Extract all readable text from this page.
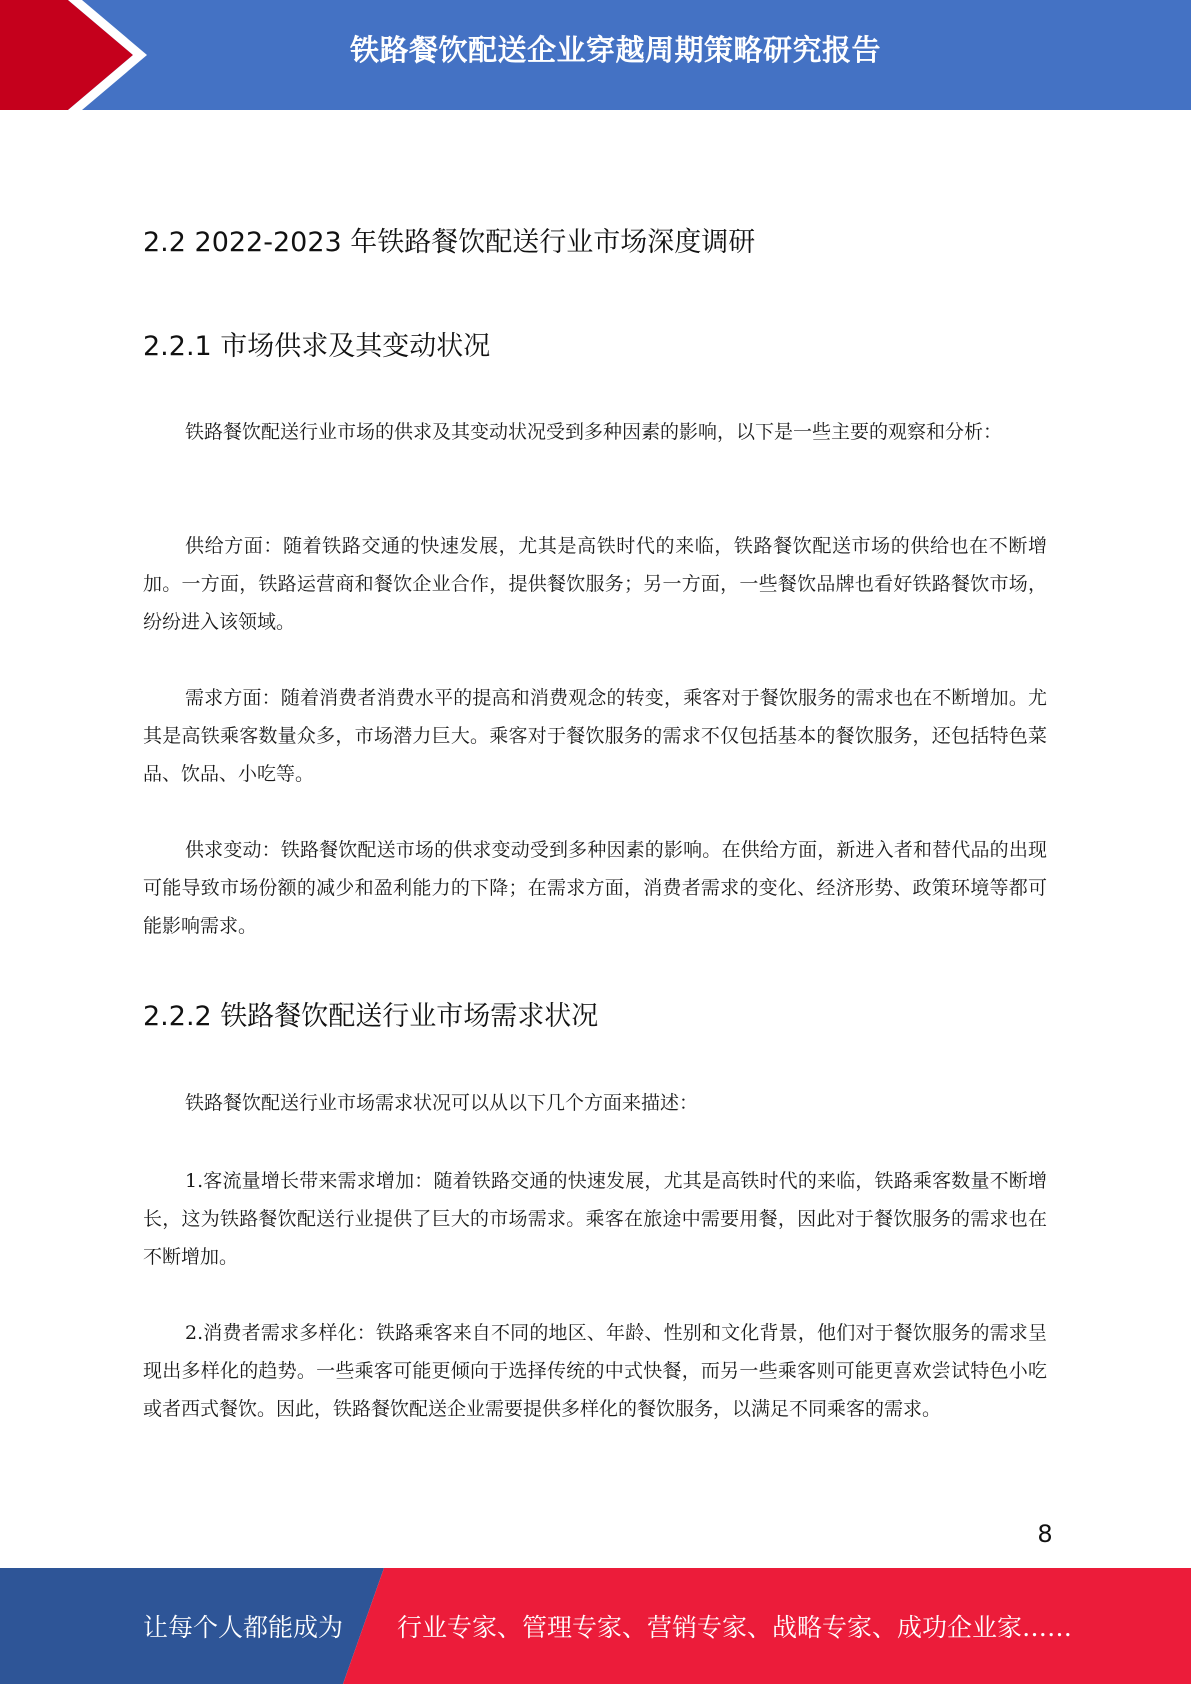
铁路餐饮配送企业穿越周期策略研究报告
2.2 2022-2023 年铁路餐饮配送行业市场深度调研
2.2.1 市场供求及其变动状况
铁路餐饮配送行业市场的供求及其变动状况受到多种因素的影响，以下是一些主要的观察和分析：
供给方面：随着铁路交通的快速发展，尤其是高铁时代的来临，铁路餐饮配送市场的供给也在不断增加。一方面，铁路运营商和餐饮企业合作，提供餐饮服务；另一方面，一些餐饮品牌也看好铁路餐饮市场，纷纷进入该领域。
需求方面：随着消费者消费水平的提高和消费观念的转变，乘客对于餐饮服务的需求也在不断增加。尤其是高铁乘客数量众多，市场潜力巨大。乘客对于餐饮服务的需求不仅包括基本的餐饮服务，还包括特色菜品、饮品、小吃等。
供求变动：铁路餐饮配送市场的供求变动受到多种因素的影响。在供给方面，新进入者和替代品的出现可能导致市场份额的减少和盈利能力的下降；在需求方面，消费者需求的变化、经济形势、政策环境等都可能影响需求。
2.2.2 铁路餐饮配送行业市场需求状况
铁路餐饮配送行业市场需求状况可以从以下几个方面来描述：
1.客流量增长带来需求增加：随着铁路交通的快速发展，尤其是高铁时代的来临，铁路乘客数量不断增长，这为铁路餐饮配送行业提供了巨大的市场需求。乘客在旅途中需要用餐，因此对于餐饮服务的需求也在不断增加。
2.消费者需求多样化：铁路乘客来自不同的地区、年龄、性别和文化背景，他们对于餐饮服务的需求呈现出多样化的趋势。一些乘客可能更倾向于选择传统的中式快餐，而另一些乘客则可能更喜欢尝试特色小吃或者西式餐饮。因此，铁路餐饮配送企业需要提供多样化的餐饮服务，以满足不同乘客的需求。
8
让每个人都能成为 行业专家、管理专家、营销专家、战略专家、成功企业家……
